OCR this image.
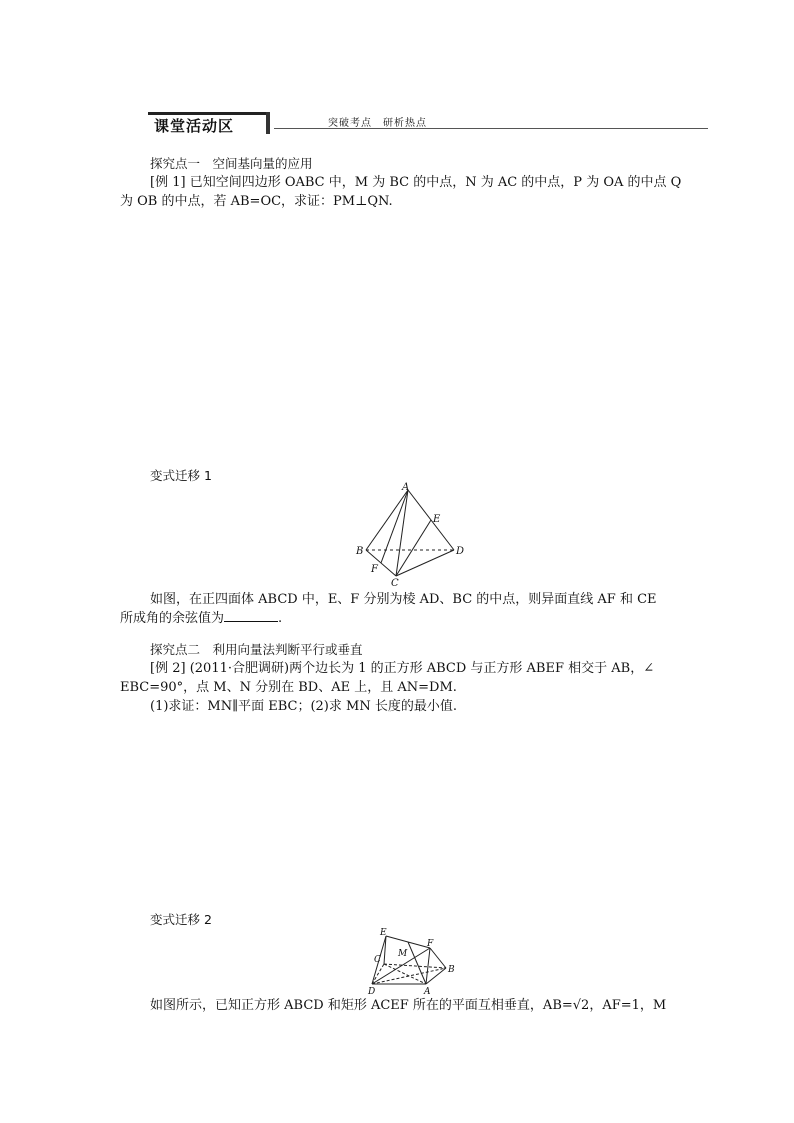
课堂活动区	突破考点　研析热点
探究点一　空间基向量的应用
[例 1] 已知空间四边形 OABC 中，M 为 BC 的中点，N 为 AC 的中点，P 为 OA 的中点 Q
为 OB 的中点，若 AB=OC，求证：PM⊥QN.
变式迁移 1
A
E
B	D
F
C
如图，在正四面体 ABCD 中，E、F 分别为棱 AD、BC 的中点，则异面直线 AF 和 CE
所成角的余弦值为	.
探究点二　利用向量法判断平行或垂直
[例 2] (2011·合肥调研)两个边长为 1 的正方形 ABCD 与正方形 ABEF 相交于 AB，∠
EBC=90°，点 M、N 分别在 BD、AE 上，且 AN=DM.
(1)求证：MN∥平面 EBC；(2)求 MN 长度的最小值.
变式迁移 2
E
M
F
C
B
D	A
如图所示，已知正方形 ABCD 和矩形 ACEF 所在的平面互相垂直，AB=√2，AF=1，M
